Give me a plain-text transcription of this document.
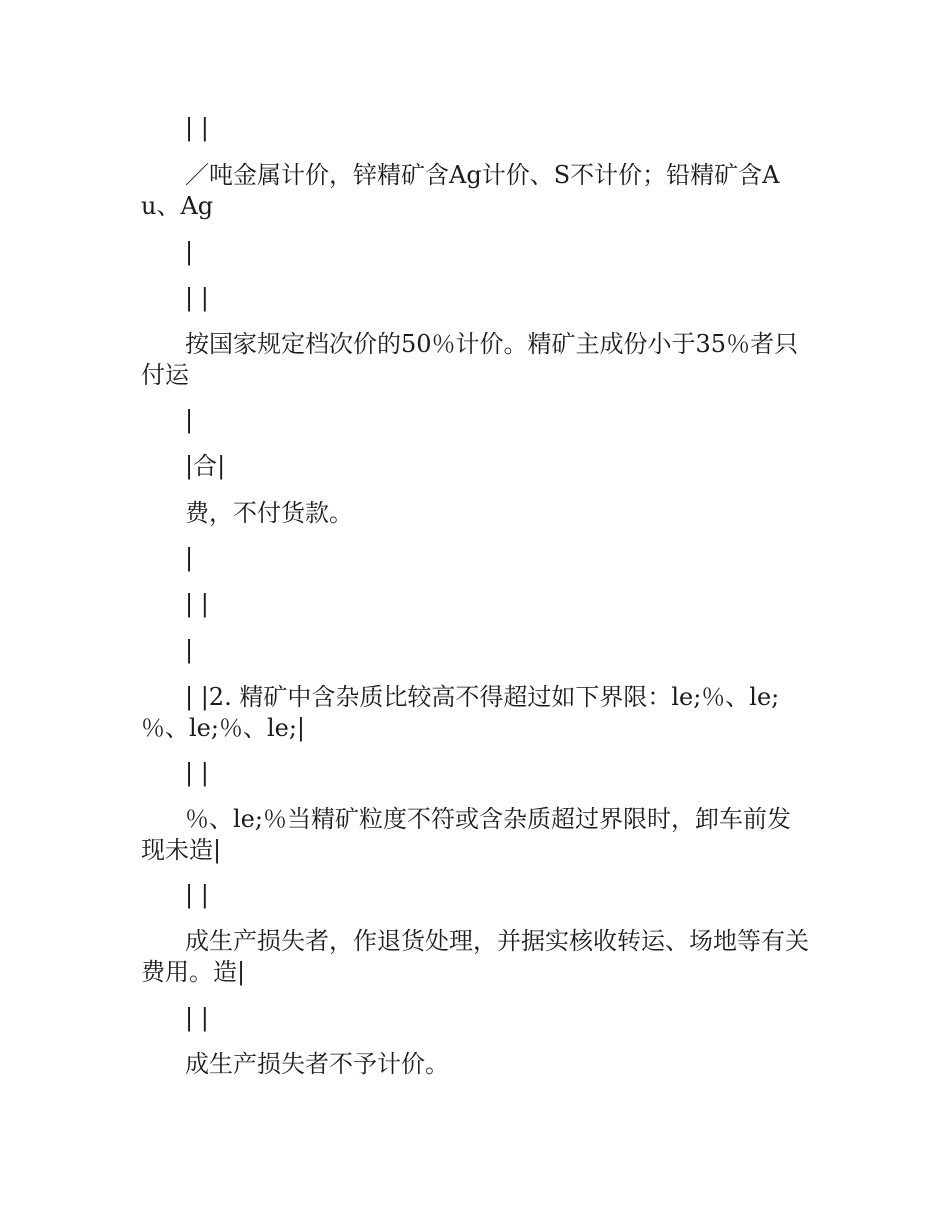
| |

／吨金属计价，锌精矿含Ag计价、S不计价；铅精矿含Au、Ag

|

| |

按国家规定档次价的50％计价。精矿主成份小于35％者只付运

|

|合|

费，不付货款。

|

| |

|

| |2. 精矿中含杂质比较高不得超过如下界限：le;％、le;％、le;％、le;|

| |

％、le;％当精矿粒度不符或含杂质超过界限时，卸车前发现未造|

| |

成生产损失者，作退货处理，并据实核收转运、场地等有关费用。造|

| |

成生产损失者不予计价。
